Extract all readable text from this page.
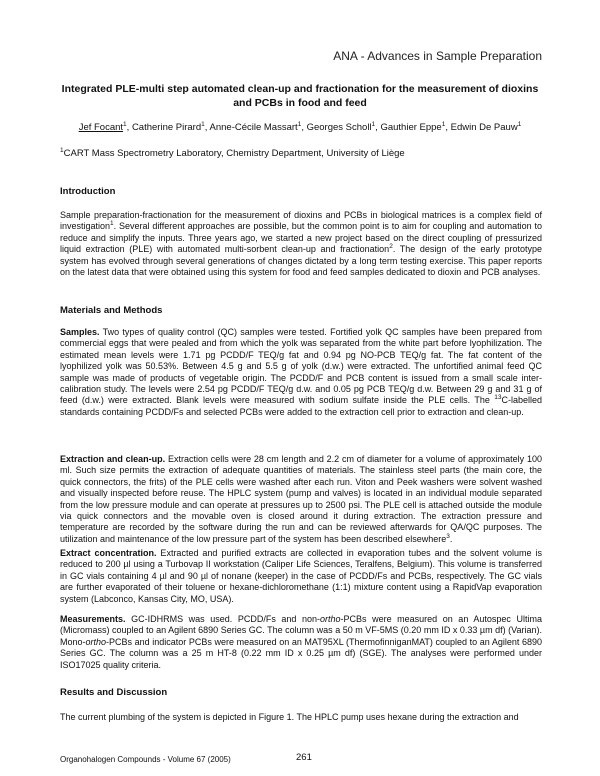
ANA - Advances in Sample Preparation
Integrated PLE-multi step automated clean-up and fractionation for the measurement of dioxins and PCBs in food and feed
Jef Focant$^1$, Catherine Pirard$^1$, Anne-Cécile Massart$^1$, Georges Scholl$^1$, Gauthier Eppe$^1$, Edwin De Pauw$^1$
$^1$CART Mass Spectrometry Laboratory, Chemistry Department, University of Liège
Introduction
Sample preparation-fractionation for the measurement of dioxins and PCBs in biological matrices is a complex field of investigation$^1$. Several different approaches are possible, but the common point is to aim for coupling and automation to reduce and simplify the inputs. Three years ago, we started a new project based on the direct coupling of pressurized liquid extraction (PLE) with automated multi-sorbent clean-up and fractionation$^2$. The design of the early prototype system has evolved through several generations of changes dictated by a long term testing exercise. This paper reports on the latest data that were obtained using this system for food and feed samples dedicated to dioxin and PCB analyses.
Materials and Methods
Samples. Two types of quality control (QC) samples were tested. Fortified yolk QC samples have been prepared from commercial eggs that were pealed and from which the yolk was separated from the white part before lyophilization. The estimated mean levels were 1.71 pg PCDD/F TEQ/g fat and 0.94 pg NO-PCB TEQ/g fat. The fat content of the lyophilized yolk was 50.53%. Between 4.5 g and 5.5 g of yolk (d.w.) were extracted. The unfortified animal feed QC sample was made of products of vegetable origin. The PCDD/F and PCB content is issued from a small scale inter-calibration study. The levels were 2.54 pg PCDD/F TEQ/g d.w. and 0.05 pg PCB TEQ/g d.w. Between 29 g and 31 g of feed (d.w.) were extracted. Blank levels were measured with sodium sulfate inside the PLE cells. The $^{13}$C-labelled standards containing PCDD/Fs and selected PCBs were added to the extraction cell prior to extraction and clean-up.
Extraction and clean-up. Extraction cells were 28 cm length and 2.2 cm of diameter for a volume of approximately 100 ml. Such size permits the extraction of adequate quantities of materials. The stainless steel parts (the main core, the quick connectors, the frits) of the PLE cells were washed after each run. Viton and Peek washers were solvent washed and visually inspected before reuse. The HPLC system (pump and valves) is located in an individual module separated from the low pressure module and can operate at pressures up to 2500 psi. The PLE cell is attached outside the module via quick connectors and the movable oven is closed around it during extraction. The extraction pressure and temperature are recorded by the software during the run and can be reviewed afterwards for QA/QC purposes. The utilization and maintenance of the low pressure part of the system has been described elsewhere$^3$.
Extract concentration. Extracted and purified extracts are collected in evaporation tubes and the solvent volume is reduced to 200 µl using a Turbovap II workstation (Caliper Life Sciences, Teralfens, Belgium). This volume is transferred in GC vials containing 4 µl and 90 µl of nonane (keeper) in the case of PCDD/Fs and PCBs, respectively. The GC vials are further evaporated of their toluene or hexane-dichloromethane (1:1) mixture content using a RapidVap evaporation system (Labconco, Kansas City, MO, USA).
Measurements. GC-IDHRMS was used. PCDD/Fs and non-ortho-PCBs were measured on an Autospec Ultima (Micromass) coupled to an Agilent 6890 Series GC. The column was a 50 m VF-5MS (0.20 mm ID x 0.33 µm df) (Varian). Mono-ortho-PCBs and indicator PCBs were measured on an MAT95XL (ThermofinniganMAT) coupled to an Agilent 6890 Series GC. The column was a 25 m HT-8 (0.22 mm ID x 0.25 µm df) (SGE). The analyses were performed under ISO17025 quality criteria.
Results and Discussion
The current plumbing of the system is depicted in Figure 1. The HPLC pump uses hexane during the extraction and
Organohalogen Compounds - Volume 67 (2005)	261
